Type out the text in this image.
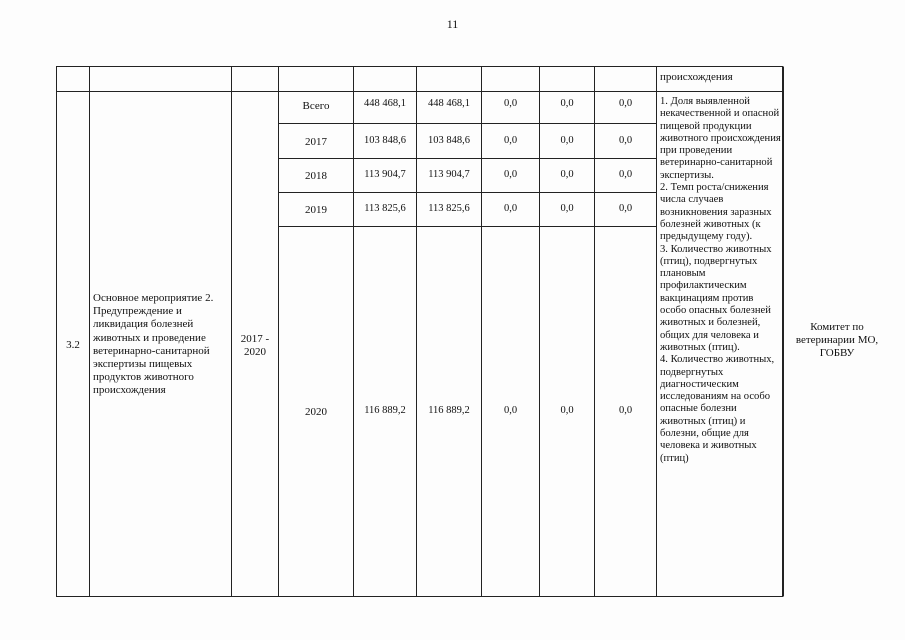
11
происхождения
3.2
Основное мероприятие 2. Предупреждение и ликвидация болезней животных и проведение ветеринарно-санитарной экспертизы пищевых продуктов животного происхождения
2017 - 2020
Всего	448 468,1	448 468,1	0,0	0,0	0,0
2017	103 848,6	103 848,6	0,0	0,0	0,0
2018	113 904,7	113 904,7	0,0	0,0	0,0
2019	113 825,6	113 825,6	0,0	0,0	0,0
2020	116 889,2	116 889,2	0,0	0,0	0,0
1. Доля выявленной некачественной и опасной пищевой продукции животного происхождения при проведении ветеринарно-санитарной экспертизы.
2. Темп роста/снижения числа случаев возникновения заразных болезней животных (к предыдущему году).
3. Количество животных (птиц), подвергнутых плановым профилактическим вакцинациям против особо опасных болезней животных и болезней, общих для человека и животных (птиц).
4. Количество животных, подвергнутых диагностическим исследованиям на особо опасные болезни животных (птиц) и болезни, общие для человека и животных (птиц)
Комитет по ветеринарии МО, ГОБВУ
